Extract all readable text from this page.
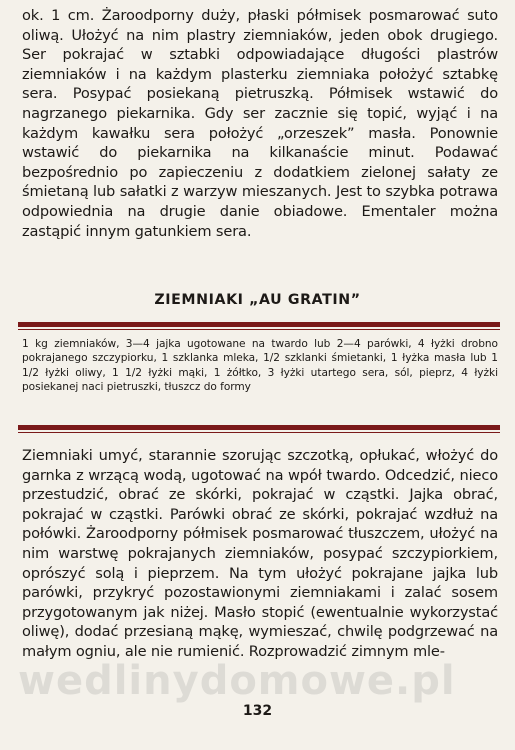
ok. 1 cm. Żaroodporny duży, płaski półmisek posmarować suto oliwą. Ułożyć na nim plastry ziemniaków, jeden obok drugiego. Ser pokrajać w sztabki odpowiadające długości plastrów ziemniaków i na każdym plasterku ziemniaka położyć sztabkę sera. Posypać posiekaną pietruszką. Półmisek wstawić do nagrzanego piekarnika. Gdy ser zacznie się topić, wyjąć i na każdym kawałku sera położyć „orzeszek” masła. Ponownie wstawić do piekarnika na kilkanaście minut. Podawać bezpośrednio po zapieczeniu z dodatkiem zielonej sałaty ze śmietaną lub sałatki z warzyw mieszanych. Jest to szybka potrawa odpowiednia na drugie danie obiadowe. Ementaler można zastąpić innym gatunkiem sera.

ZIEMNIAKI „AU GRATIN”

1 kg ziemniaków, 3—4 jajka ugotowane na twardo lub 2—4 parówki, 4 łyżki drobno pokrajanego szczypiorku, 1 szklanka mleka, 1/2 szklanki śmietanki, 1 łyżka masła lub 1 1/2 łyżki oliwy, 1 1/2 łyżki mąki, 1 żółtko, 3 łyżki utartego sera, sól, pieprz, 4 łyżki posiekanej naci pietruszki, tłuszcz do formy

Ziemniaki umyć, starannie szorując szczotką, opłukać, włożyć do garnka z wrzącą wodą, ugotować na wpół twardo. Odcedzić, nieco przestudzić, obrać ze skórki, pokrajać w cząstki. Jajka obrać, pokrajać w cząstki. Parówki obrać ze skórki, pokrajać wzdłuż na połówki. Żaroodporny półmisek posmarować tłuszczem, ułożyć na nim warstwę pokrajanych ziemniaków, posypać szczypiorkiem, oprószyć solą i pieprzem. Na tym ułożyć pokrajane jajka lub parówki, przykryć pozostawionymi ziemniakami i zalać sosem przygotowanym jak niżej. Masło stopić (ewentualnie wykorzystać oliwę), dodać przesianą mąkę, wymieszać, chwilę podgrzewać na małym ogniu, ale nie rumienić. Rozprowadzić zimnym mle-

wedlinydomowe.pl

132
